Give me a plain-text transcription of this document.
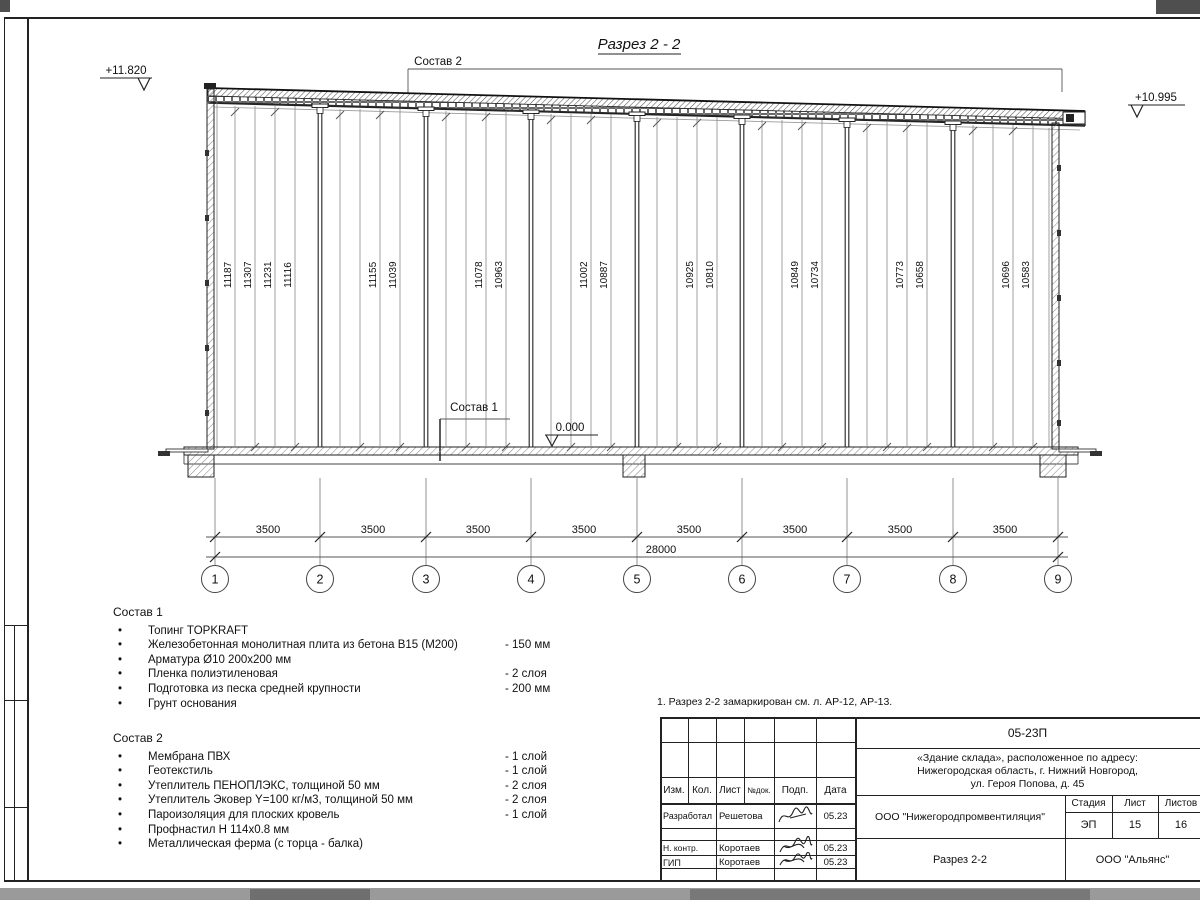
Разрез 2 - 2
+11.820
+10.995
Состав 2
11187 11307 11231 11116	11155 11039	11078 10963	11002 10887	10925 10810	10849 10734	10773 10658	10696 10583
Состав 1
0.000
3500	3500	3500	3500	3500	3500	3500	3500
28000
1	2	3	4	5	6	7	8	9
Состав 1
• Топинг TOPKRAFT
• Железобетонная монолитная плита из бетона В15 (М200)	- 150 мм
• Арматура Ø10 200х200 мм
• Пленка полиэтиленовая	- 2 слоя
• Подготовка из песка средней крупности	- 200 мм
• Грунт основания
Состав 2
• Мембрана ПВХ	- 1 слой
• Геотекстиль	- 1 слой
• Утеплитель ПЕНОПЛЭКС, толщиной 50 мм	- 2 слоя
• Утеплитель Эковер Y=100 кг/м3, толщиной 50 мм	- 2 слоя
• Пароизоляция для плоских кровель	- 1 слой
• Профнастил Н 114х0.8 мм
• Металлическая ферма (с торца - балка)
1. Разрез 2-2 замаркирован см. л. АР-12, АР-13.
Изм. Кол. Лист №док.	Подп.	Дата
Разработал Решетова	05.23
Н. контр.	Коротаев	05.23
ГИП	Коротаев	05.23
05-23П
«Здание склада», расположенное по адресу:
Нижегородская область, г. Нижний Новгород,
ул. Героя Попова, д. 45
ООО "Нижегородпромвентиляция"
Стадия	Лист	Листов
ЭП	15	16
Разрез 2-2	ООО "Альянс"
